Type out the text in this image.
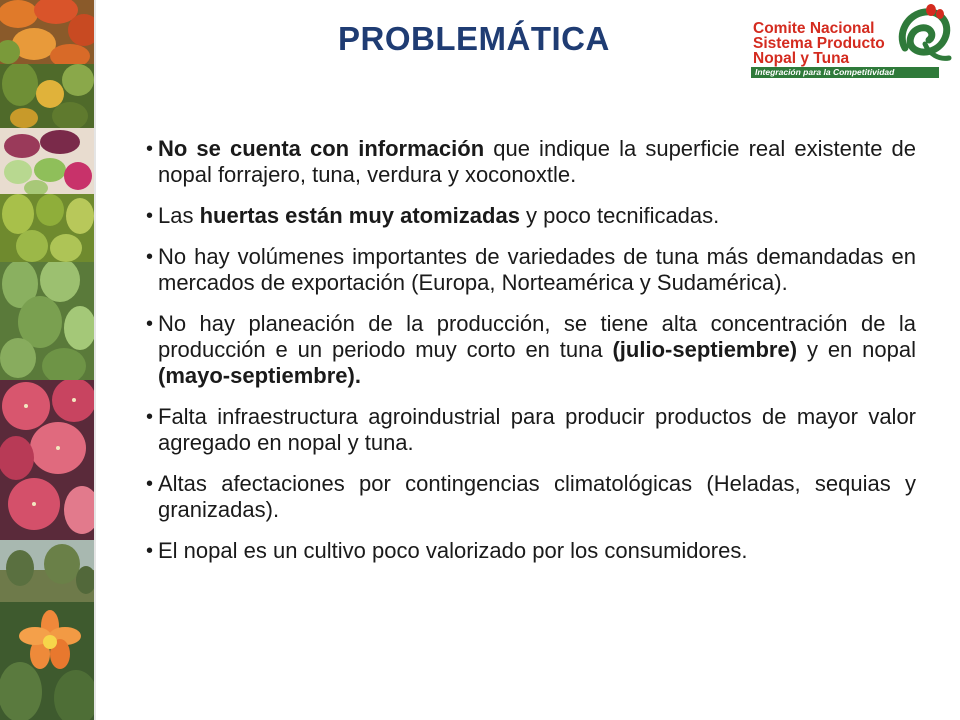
PROBLEMÁTICA	Comite Nacional
Sistema Producto
Nopal y Tuna
Integración para la Competitividad
• No se cuenta con información que indique la superficie real existente de nopal forrajero, tuna, verdura y xoconoxtle.
• Las huertas están muy atomizadas y poco tecnificadas.
• No hay volúmenes importantes de variedades de tuna más demandadas en mercados de exportación (Europa, Norteamérica y Sudamérica).
• No hay planeación de la producción, se tiene alta concentración de la producción e un periodo muy corto en tuna (julio-septiembre) y en nopal (mayo-septiembre).
• Falta infraestructura agroindustrial para producir productos de mayor valor agregado en nopal y tuna.
• Altas afectaciones por contingencias climatológicas (Heladas, sequias y granizadas).
• El nopal es un cultivo poco valorizado por los consumidores.
